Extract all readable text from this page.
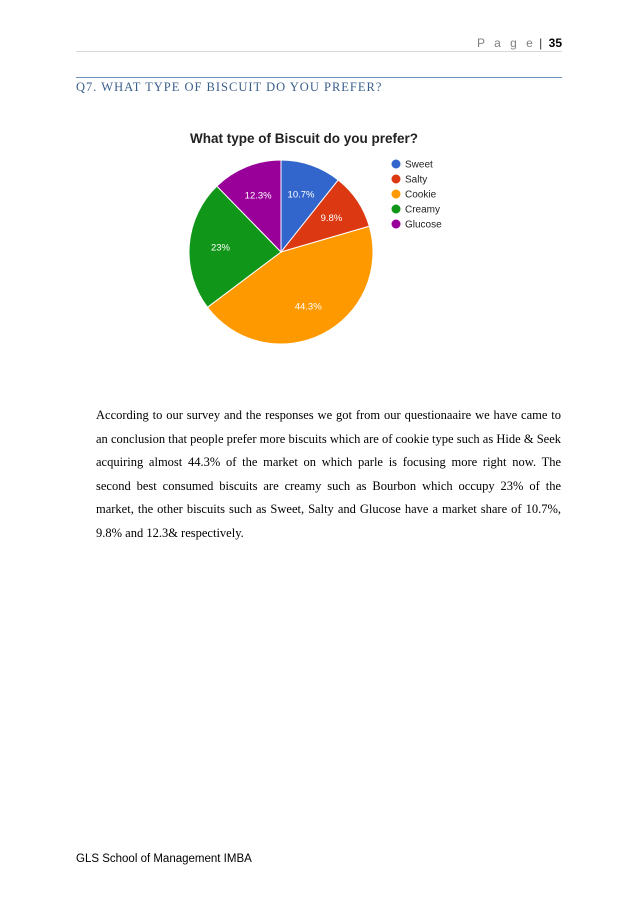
P a g e | 35
Q7. WHAT TYPE OF BISCUIT DO YOU PREFER?
10.7%
9.8%
44.3%
23%
12.3%
Sweet
Salty
Cookie
Creamy
Glucose
What type of Biscuit do you prefer?
According to our survey and the responses we got from our questionaaire we have came to an conclusion that people prefer more biscuits which are of cookie type such as Hide & Seek acquiring almost 44.3% of the market on which parle is focusing more right now. The second best consumed biscuits are creamy such as Bourbon which occupy 23% of the market, the other biscuits such as Sweet, Salty and Glucose have a market share of 10.7%, 9.8% and 12.3& respectively.
GLS School of Management IMBA
